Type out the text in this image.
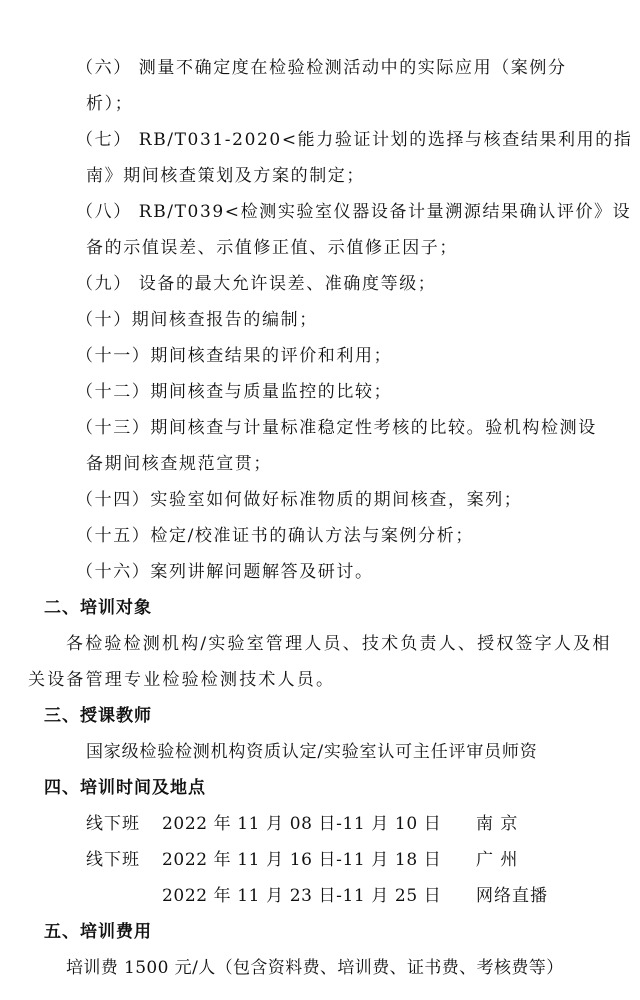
（六） 测量不确定度在检验检测活动中的实际应用（案例分
析）；
（七） RB/T031-2020<能力验证计划的选择与核查结果利用的指
南》期间核查策划及方案的制定；
（八） RB/T039<检测实验室仪器设备计量溯源结果确认评价》设
备的示值误差、示值修正值、示值修正因子；
（九） 设备的最大允许误差、准确度等级；
（十）期间核查报告的编制；
（十一）期间核查结果的评价和利用；
（十二）期间核查与质量监控的比较；
（十三）期间核查与计量标准稳定性考核的比较。验机构检测设
备期间核查规范宣贯；
（十四）实验室如何做好标准物质的期间核查，案列；
（十五）检定/校准证书的确认方法与案例分析；
（十六）案列讲解问题解答及研讨。
二、培训对象
各检验检测机构/实验室管理人员、技术负责人、授权签字人及相
关设备管理专业检验检测技术人员。
三、授课教师
国家级检验检测机构资质认定/实验室认可主任评审员师资
四、培训时间及地点
线下班 2022 年 11 月 08 日-11 月 10 日 南 京
线下班 2022 年 11 月 16 日-11 月 18 日 广 州
2022 年 11 月 23 日-11 月 25 日 网络直播
五、培训费用
培训费 1500 元/人（包含资料费、培训费、证书费、考核费等）
